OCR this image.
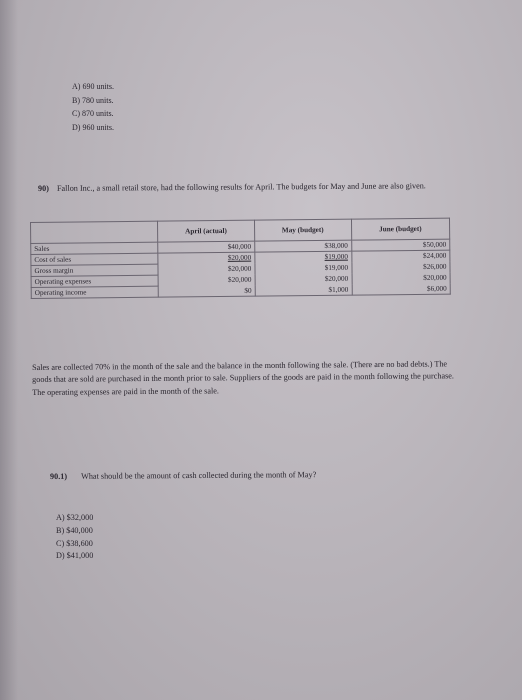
A) 690 units.
B) 780 units.
C) 870 units.
D) 960 units.
90) Fallon Inc., a small retail store, had the following results for April. The budgets for May and June are also given.
	April (actual)	May (budget)	June (budget)
Sales	$40,000	$38,000	$50,000
Cost of sales	$20,000	$19,000	$24,000
Gross margin	$20,000	$19,000	$26,000
Operating expenses	$20,000	$20,000	$20,000
Operating income	$0	$1,000	$6,000
Sales are collected 70% in the month of the sale and the balance in the month following the sale. (There are no bad debts.) The goods that are sold are purchased in the month prior to sale. Suppliers of the goods are paid in the month following the purchase. The operating expenses are paid in the month of the sale.
90.1) What should be the amount of cash collected during the month of May?
A) $32,000
B) $40,000
C) $38,600
D) $41,000
